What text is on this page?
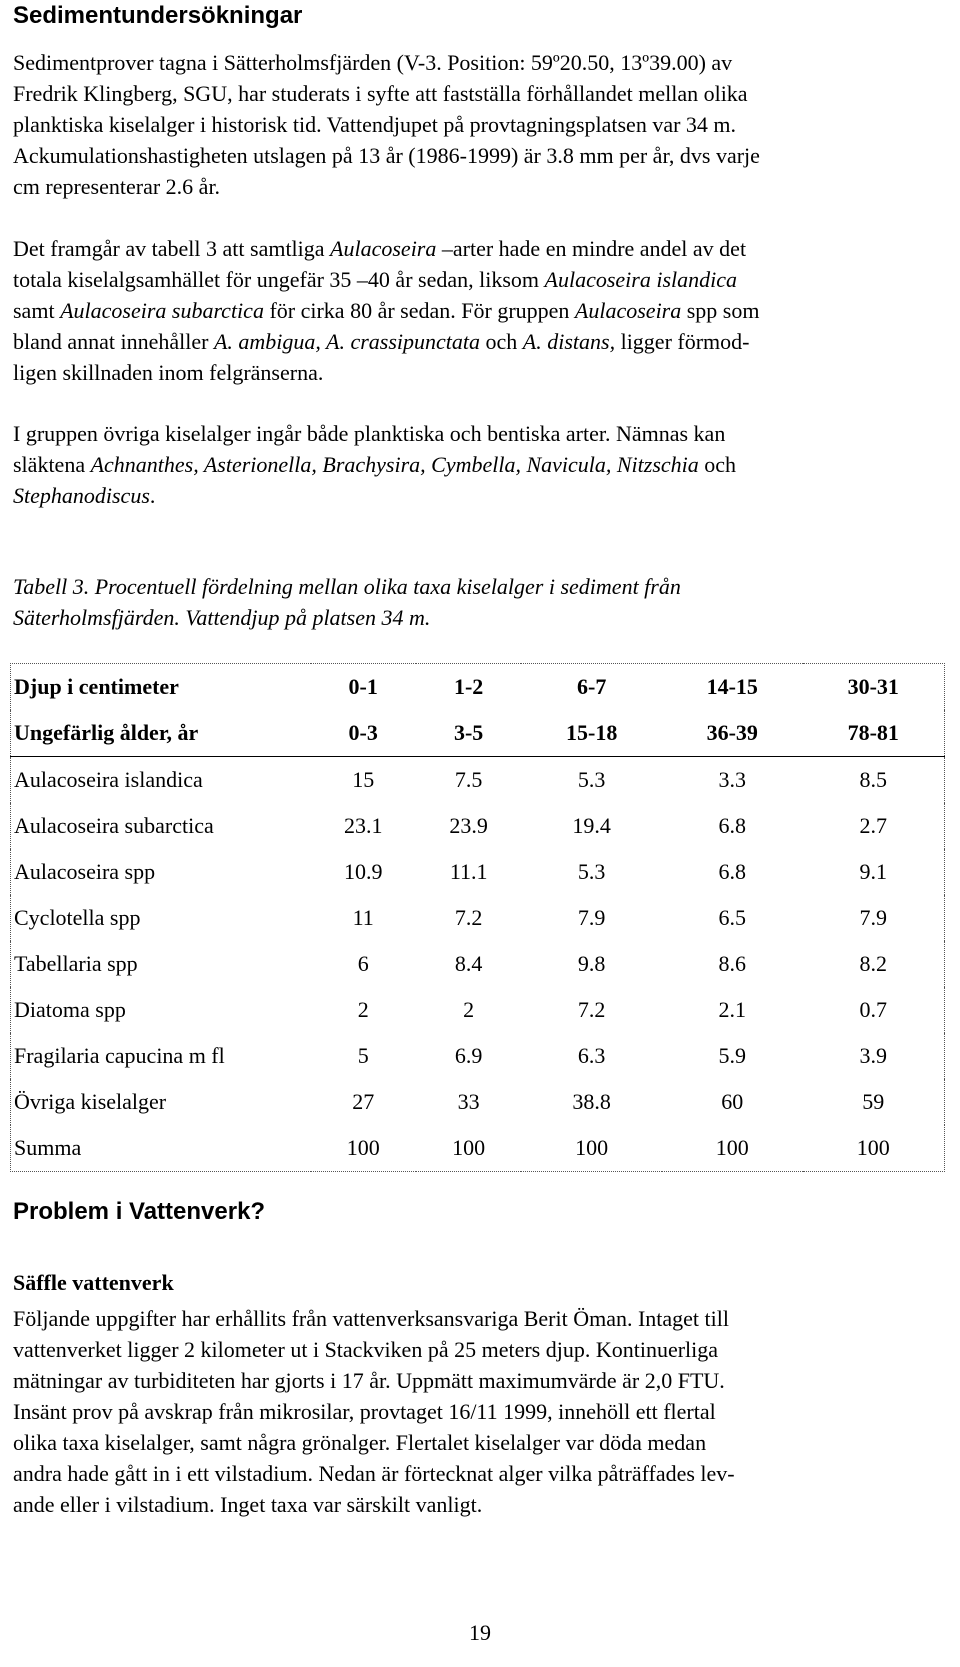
Sedimentundersökningar

Sedimentprover tagna i Sätterholmsfjärden (V-3. Position: 59º20.50, 13º39.00) av

Fredrik Klingberg, SGU, har studerats i syfte att fastställa förhållandet mellan olika

planktiska kiselalger i historisk tid. Vattendjupet på provtagningsplatsen var 34 m.

Ackumulationshastigheten utslagen på 13 år (1986-1999) är 3.8 mm per år, dvs varje

cm representerar 2.6 år.

Det framgår av tabell 3 att samtliga Aulacoseira –arter hade en mindre andel av det

totala kiselalgsamhället för ungefär 35 –40 år sedan, liksom Aulacoseira islandica

samt Aulacoseira subarctica för cirka 80 år sedan. För gruppen Aulacoseira spp som

bland annat innehåller A. ambigua, A. crassipunctata och A. distans, ligger förmod-

ligen skillnaden inom felgränserna.

I gruppen övriga kiselalger ingår både planktiska och bentiska arter. Nämnas kan

släktena Achnanthes, Asterionella, Brachysira, Cymbella, Navicula, Nitzschia och

Stephanodiscus.

Tabell 3. Procentuell fördelning mellan olika taxa kiselalger i sediment från

Säterholmsfjärden. Vattendjup på platsen 34 m.

Djup i centimeter	0-1	1-2	6-7	14-15	30-31
Ungefärlig ålder, år	0-3	3-5	15-18	36-39	78-81
Aulacoseira islandica	15	7.5	5.3	3.3	8.5
Aulacoseira subarctica	23.1	23.9	19.4	6.8	2.7
Aulacoseira spp	10.9	11.1	5.3	6.8	9.1
Cyclotella spp	11	7.2	7.9	6.5	7.9
Tabellaria spp	6	8.4	9.8	8.6	8.2
Diatoma spp	2	2	7.2	2.1	0.7
Fragilaria capucina m fl	5	6.9	6.3	5.9	3.9
Övriga kiselalger	27	33	38.8	60	59
Summa	100	100	100	100	100
Problem i Vattenverk?

Säffle vattenverk

Följande uppgifter har erhållits från vattenverksansvariga Berit Öman. Intaget till

vattenverket ligger 2 kilometer ut i Stackviken på 25 meters djup. Kontinuerliga

mätningar av turbiditeten har gjorts i 17 år. Uppmätt maximumvärde är 2,0 FTU.

Insänt prov på avskrap från mikrosilar, provtaget 16/11 1999, innehöll ett flertal

olika taxa kiselalger, samt några grönalger. Flertalet kiselalger var döda medan

andra hade gått in i ett vilstadium. Nedan är förtecknat alger vilka påträffades lev-

ande eller i vilstadium. Inget taxa var särskilt vanligt.

19
